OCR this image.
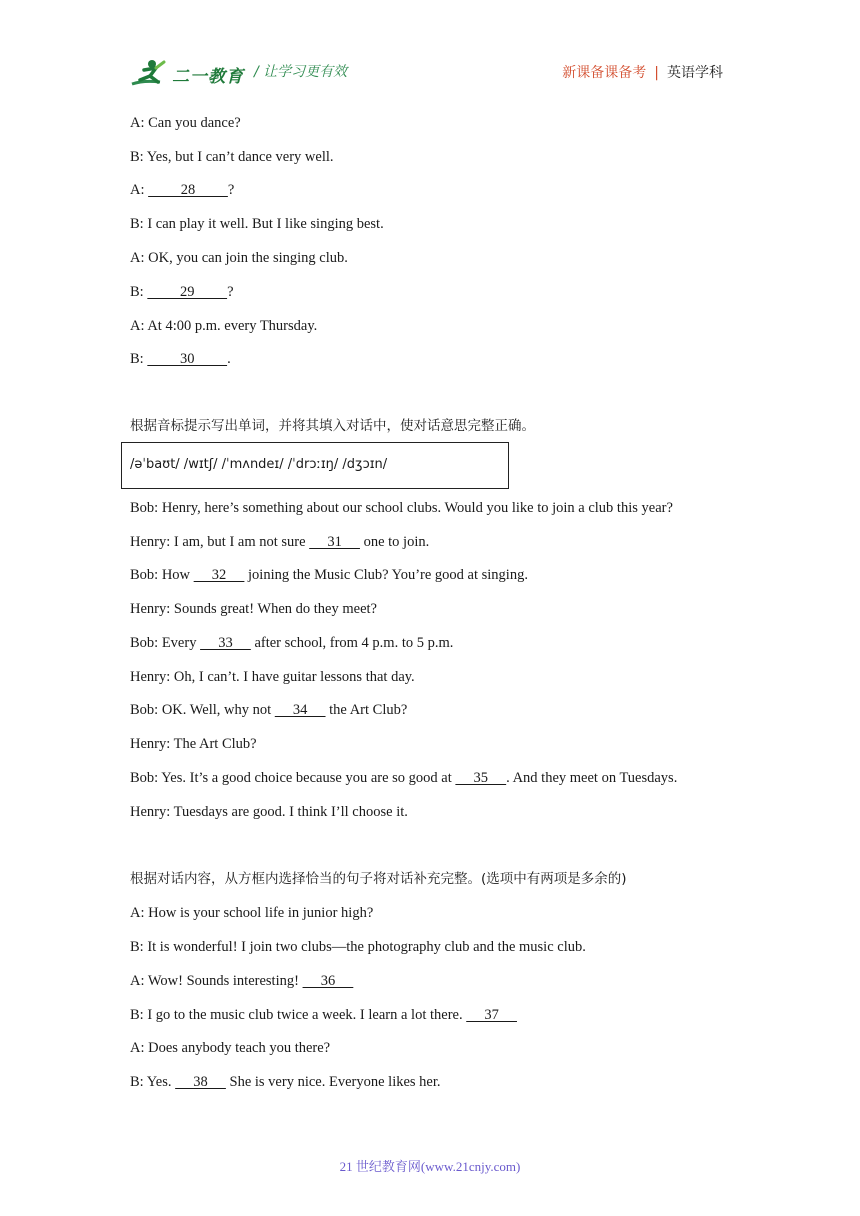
二一教育 / 让学习更有效	新课备课备考 | 英语学科
A: Can you dance?
B: Yes, but I can’t dance very well.
A:          28         ?
B: I can play it well. But I like singing best.
A: OK, you can join the singing club.
B:          29         ?
A: At 4:00 p.m. every Thursday.
B:          30         .
根据音标提示写出单词，并将其填入对话中，使对话意思完整正确。
/əˈbaʊt/ /wɪtʃ/ /ˈmʌndeɪ/ /ˈdrɔːɪŋ/ /dʒɔɪn/
Bob: Henry, here’s something about our school clubs. Would you like to join a club this year?
Henry: I am, but I am not sure      31      one to join.
Bob: How      32      joining the Music Club? You’re good at singing.
Henry: Sounds great! When do they meet?
Bob: Every      33      after school, from 4 p.m. to 5 p.m.
Henry: Oh, I can’t. I have guitar lessons that day.
Bob: OK. Well, why not      34      the Art Club?
Henry: The Art Club?
Bob: Yes. It’s a good choice because you are so good at      35     . And they meet on Tuesdays.
Henry: Tuesdays are good. I think I’ll choose it.
根据对话内容，从方框内选择恰当的句子将对话补充完整。(选项中有两项是多余的)
A: How is your school life in junior high?
B: It is wonderful! I join two clubs—the photography club and the music club.
A: Wow! Sounds interesting!      36
B: I go to the music club twice a week. I learn a lot there.      37
A: Does anybody teach you there?
B: Yes.      38      She is very nice. Everyone likes her.
21 世纪教育网(www.21cnjy.com)
